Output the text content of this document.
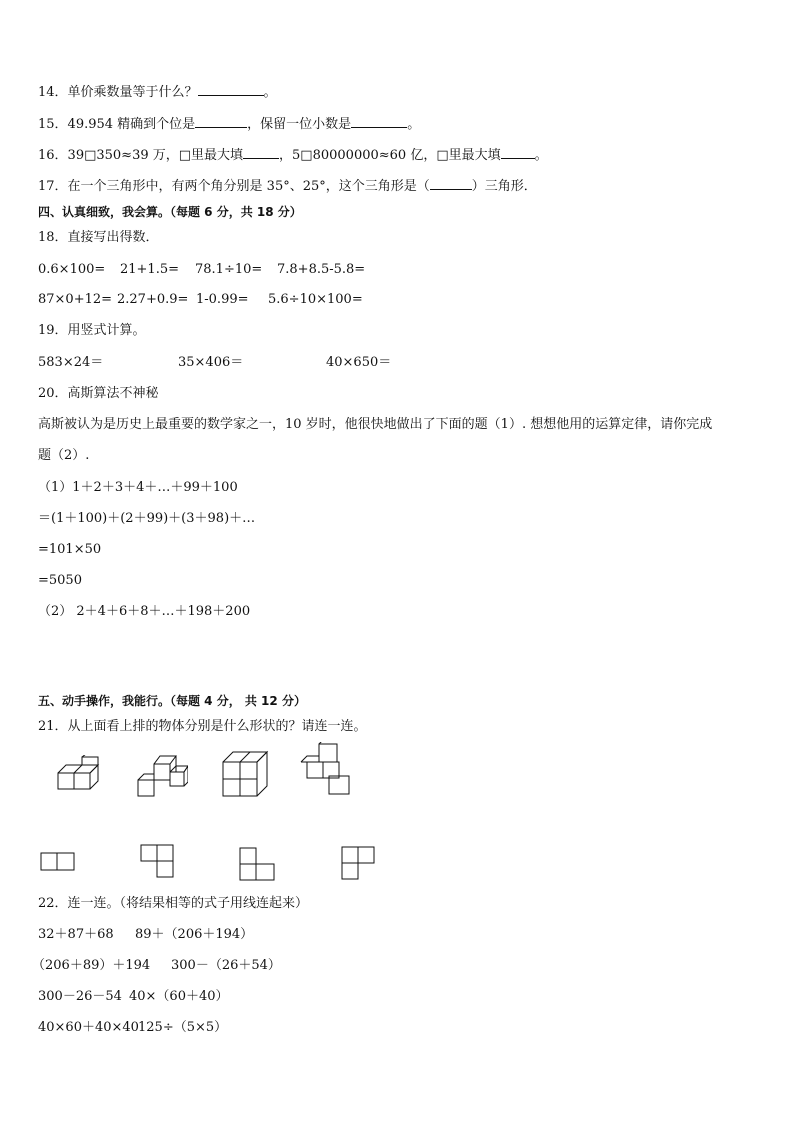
14．单价乘数量等于什么？	。
15．49.954 精确到个位是	，保留一位小数是	。
16．39□350≈39 万，□里最大填	，5□80000000≈60 亿，□里最大填	。
17．在一个三角形中，有两个角分别是 35°、25°，这个三角形是（	）三角形．
四、认真细致，我会算。（每题 6 分，共 18 分）
18．直接写出得数．
0.6×100= 21+1.5= 78.1÷10= 7.8+8.5-5.8=
87×0+12= 2.27+0.9= 1-0.99= 5.6÷10×100=
19．用竖式计算。
583×24＝	35×406＝	40×650＝
20．高斯算法不神秘
高斯被认为是历史上最重要的数学家之一，10 岁时，他很快地做出了下面的题（1）. 想想他用的运算定律，请你完成
题（2）.
（1）1＋2＋3＋4＋…＋99＋100
＝(1＋100)＋(2＋99)＋(3＋98)＋…
=101×50
=5050
（2） 2＋4＋6＋8＋…＋198＋200
五、动手操作，我能行。（每题 4 分， 共 12 分）
21．从上面看上排的物体分别是什么形状的？请连一连。
22．连一连。（将结果相等的式子用线连起来）
32＋87＋68 89＋（206＋194）
（206＋89）＋194 300－（26＋54）
300－26－54 40×（60＋40）
40×60＋40×40 125÷（5×5）
